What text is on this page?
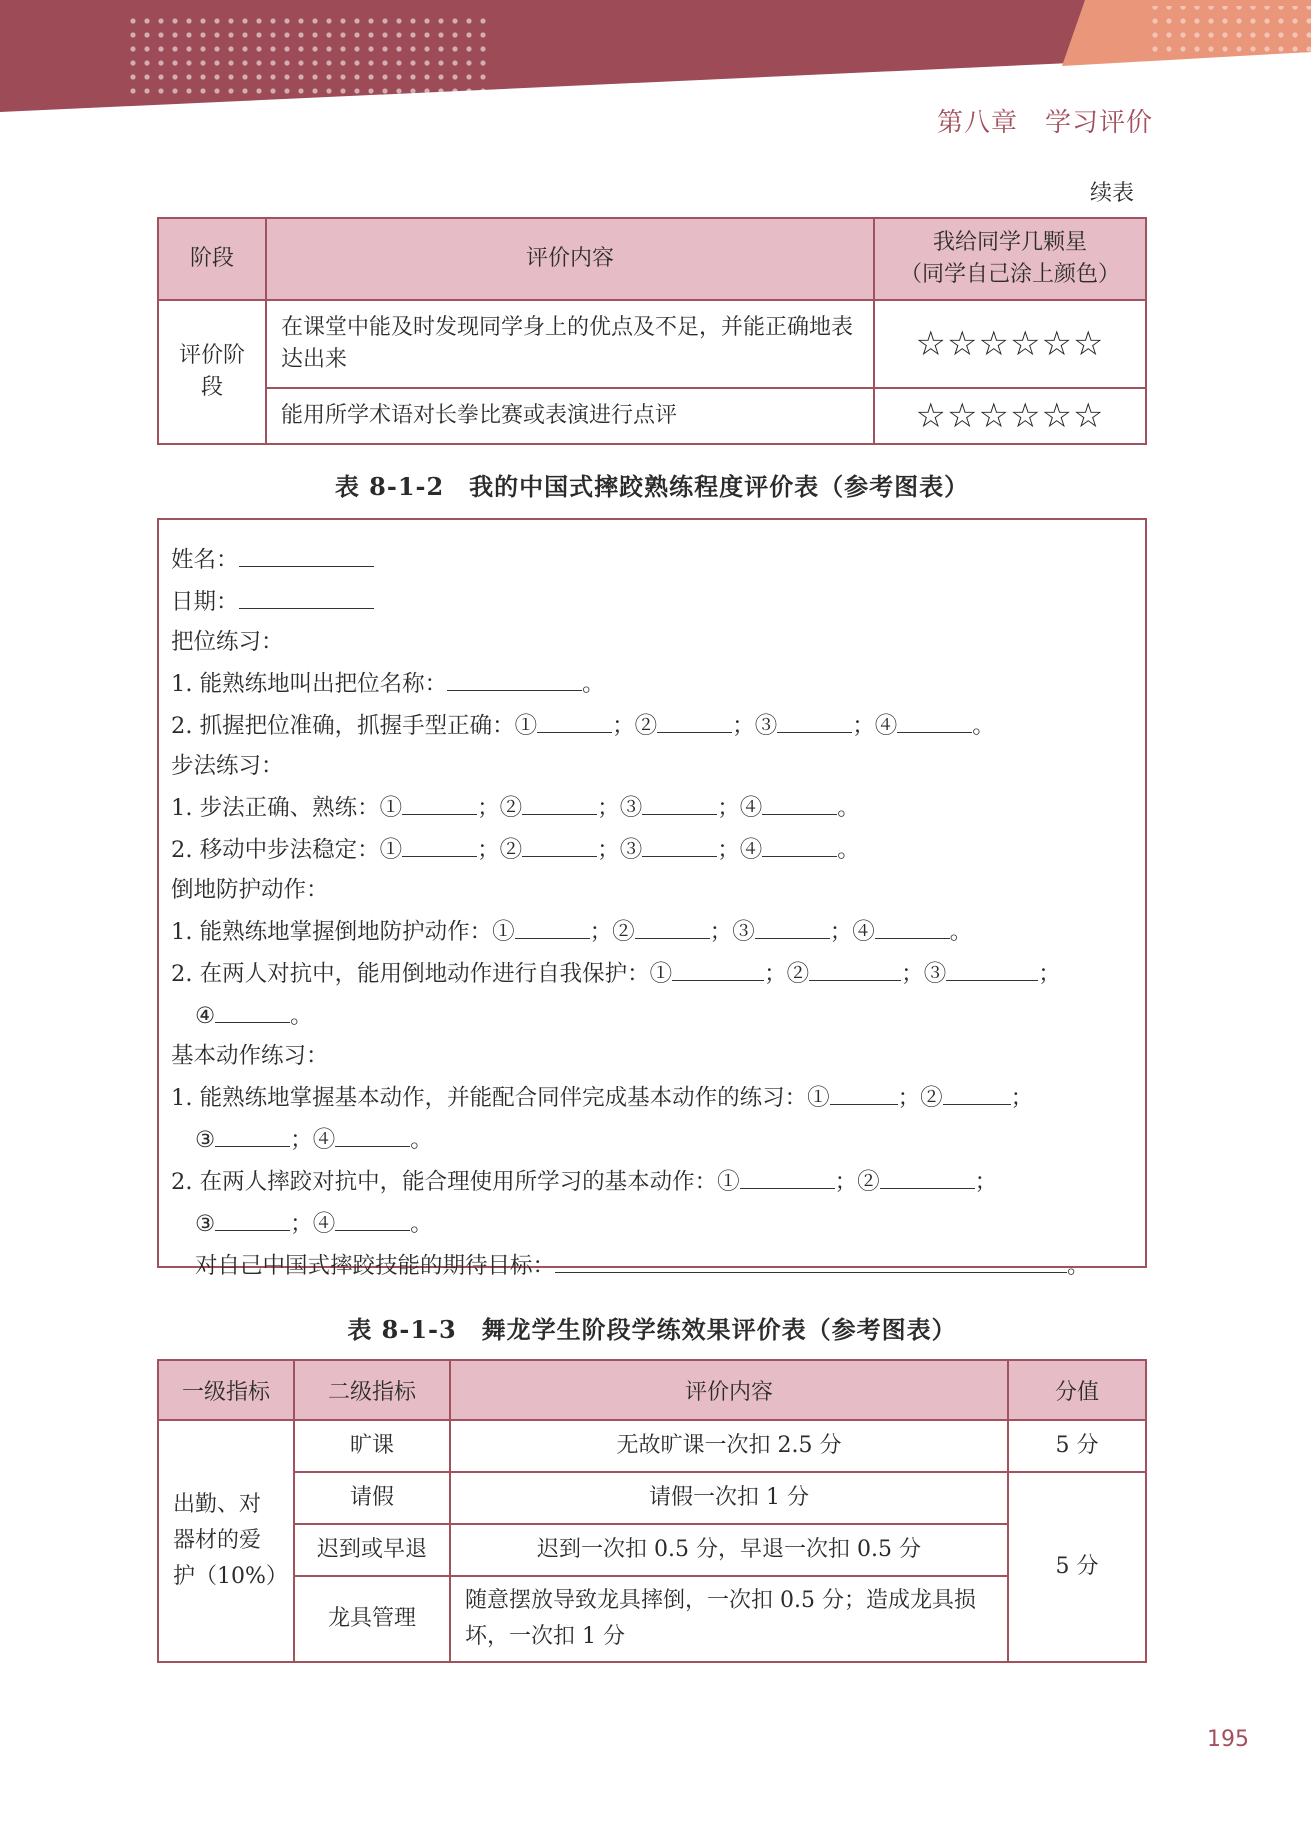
第八章　学习评价
续表
阶段	评价内容	我给同学几颗星
（同学自己涂上颜色）

评价阶段	在课堂中能及时发现同学身上的优点及不足，并能正确地表达出来	☆☆☆☆☆☆
	能用所学术语对长拳比赛或表演进行点评	☆☆☆☆☆☆
表 8-1-2　我的中国式摔跤熟练程度评价表（参考图表）
姓名：
日期：
把位练习：
1. 能熟练地叫出把位名称：	。
2. 抓握把位准确，抓握手型正确：①	；②	；③	；④	。
步法练习：
1. 步法正确、熟练：①	；②	；③	；④	。
2. 移动中步法稳定：①	；②	；③	；④	。
倒地防护动作：
1. 能熟练地掌握倒地防护动作：①	；②	；③	；④	。
2. 在两人对抗中，能用倒地动作进行自我保护：①	；②	；③	；
④	。
基本动作练习：
1. 能熟练地掌握基本动作，并能配合同伴完成基本动作的练习：①	；②	；
③	；④	。
2. 在两人摔跤对抗中，能合理使用所学习的基本动作：①	；②	；
③	；④	。
对自己中国式摔跤技能的期待目标：	。
表 8-1-3　舞龙学生阶段学练效果评价表（参考图表）
一级指标	二级指标	评价内容	分值
出勤、对器材的爱护（10%）	旷课	无故旷课一次扣 2.5 分	5 分
	请假	请假一次扣 1 分	5 分
	迟到或早退	迟到一次扣 0.5 分，早退一次扣 0.5 分	
	龙具管理	随意摆放导致龙具摔倒，一次扣 0.5 分；造成龙具损坏，一次扣 1 分	
195
